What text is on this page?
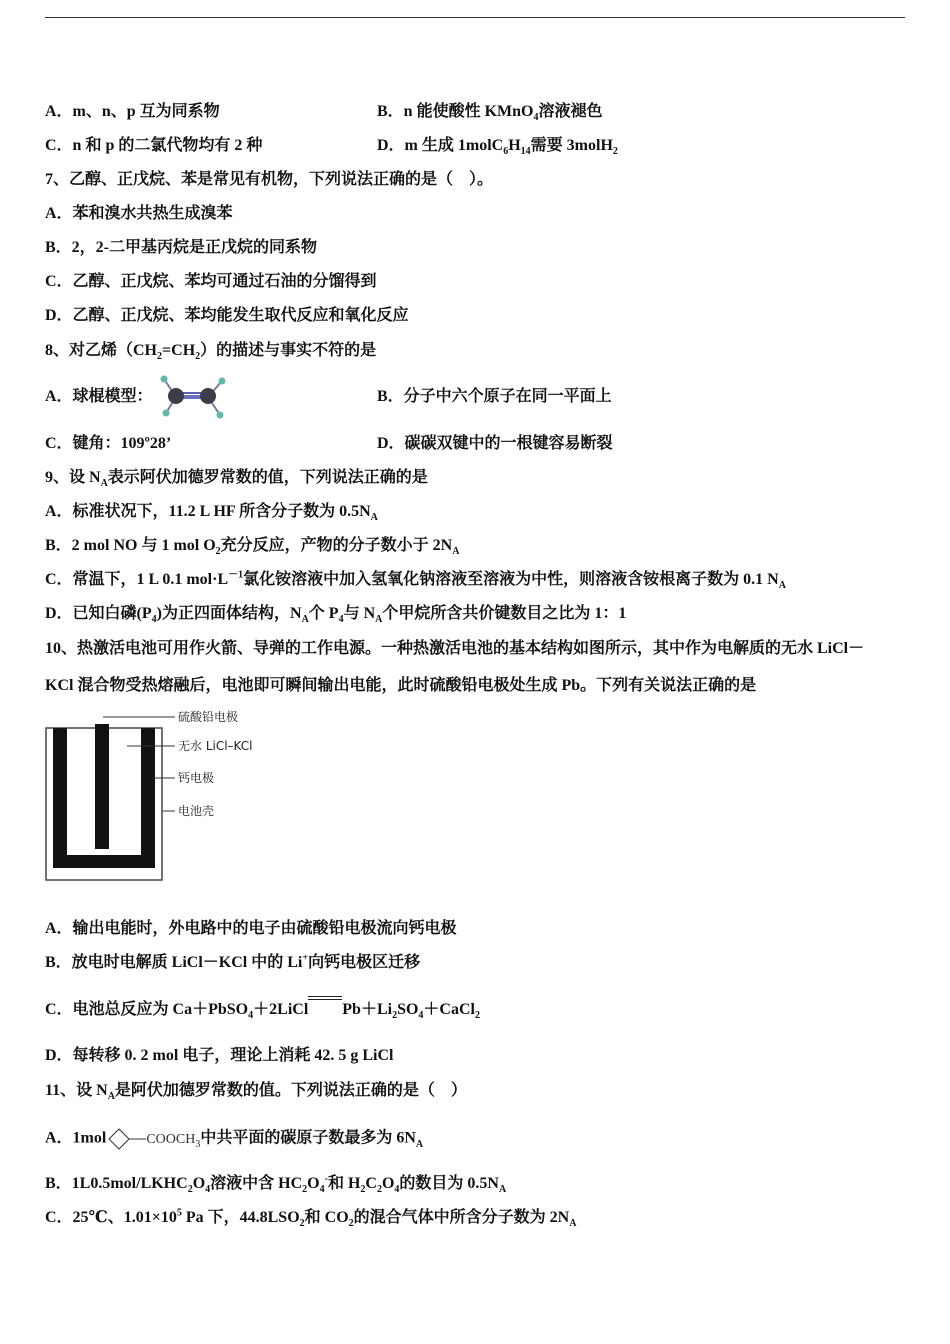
A．m、n、p 互为同系物	B．n 能使酸性 KMnO$_4$溶液褪色
C．n 和 p 的二氯代物均有 2 种	D．m 生成 $1molC_6H_{14}$需要 3molH$_2$
7、乙醇、正戊烷、苯是常见有机物，下列说法正确的是（　）。
A．苯和溴水共热生成溴苯
B．2，2-二甲基丙烷是正戊烷的同系物
C．乙醇、正戊烷、苯均可通过石油的分馏得到
D．乙醇、正戊烷、苯均能发生取代反应和氧化反应
8、对乙烯$(CH_2=CH_2)$的描述与事实不符的是
A．球棍模型：	B．分子中六个原子在同一平面上
C．键角：109º28’	D．碳碳双键中的一根键容易断裂
9、设 $N_A$表示阿伏加德罗常数的值，下列说法正确的是
A．标准状况下，11.2 L HF 所含分子数为 $0.5N_A$
B．2 mol NO 与 1 mol $O_2$充分反应，产物的分子数小于 $2N_A$
C．常温下，1 L 0.1 $mol\cdot L^{-1}$氯化铵溶液中加入氢氧化钠溶液至溶液为中性，则溶液含铵根离子数为 0.1 $N_A$
D．已知白磷$(P_4)$为正四面体结构，$N_A$个 $P_4$与 $N_A$个甲烷所含共价键数目之比为 1：1
10、热激活电池可用作火箭、导弹的工作电源。一种热激活电池的基本结构如图所示，其中作为电解质的无水 LiCl－
KCl 混合物受热熔融后，电池即可瞬间输出电能，此时硫酸铅电极处生成 Pb。下列有关说法正确的是
硫酸铅电极
无水 LiCl–KCl
钙电极
电池壳
A．输出电能时，外电路中的电子由硫酸铅电极流向钙电极
B．放电时电解质 LiCl－KCl 中的 Li+向钙电极区迁移
C．电池总反应为 Ca＋PbSO$_4$＋2LiCl $Pb+Li_2SO_4+CaCl_2$
D．每转移 0. 2 mol 电子，理论上消耗 42. 5 g LiCl
11、设 $N_A$是阿伏加德罗常数的值。下列说法正确的是（　）
A．1mol	$COOCH_3$中共平面的碳原子数最多为 $6N_A$
B．$1L0.5mol/LKHC_2O_4$溶液中含 $HC_2O_4^-$和 $H_2C_2O_4$的数目为 $0.5N_A$
C．25℃、$1.01\times 10^5$ Pa 下，$44.8LSO_2$和 $CO_2$的混合气体中所含分子数为 $2N_A$
